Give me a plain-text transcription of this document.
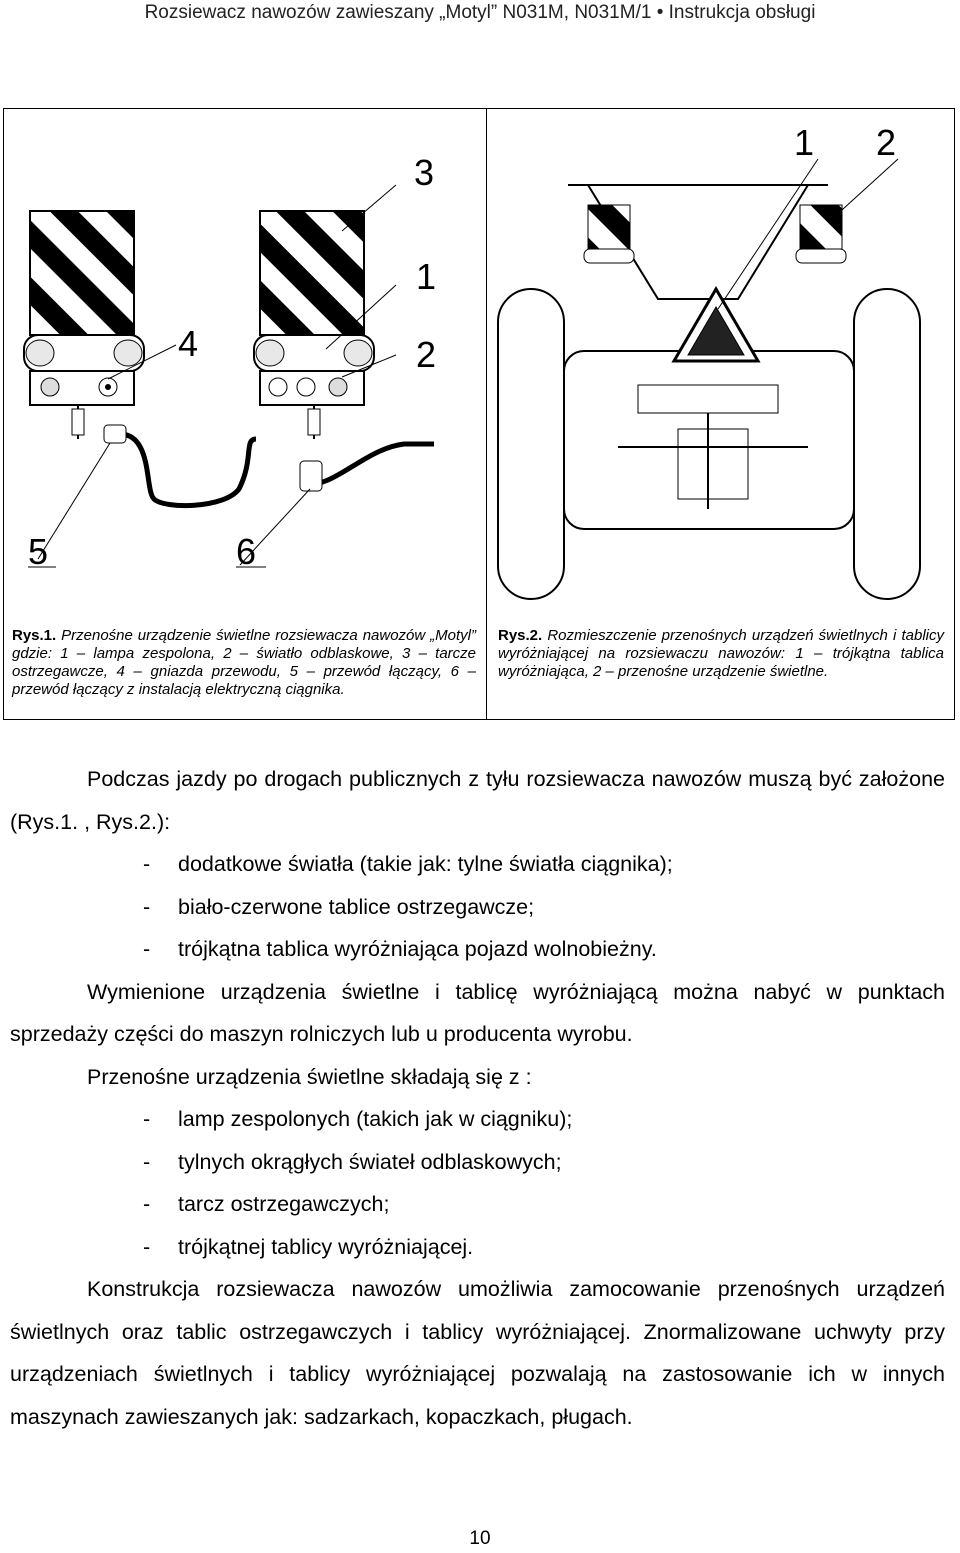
Rozsiewacz nawozów zawieszany „Motyl” N031M, N031M/1 • Instrukcja obsługi
3
1
4	2
5	6
1 2
Rys.1. Przenośne urządzenie świetlne rozsiewacza nawozów „Motyl” gdzie: 1 – lampa zespolona, 2 – światło odblaskowe, 3 – tarcze ostrzegawcze, 4 – gniazda przewodu, 5 – przewód łączący, 6 – przewód łączący z instalacją elektryczną ciągnika.
Rys.2. Rozmieszczenie przenośnych urządzeń świetlnych i tablicy wyróżniającej na rozsiewaczu nawozów: 1 – trójkątna tablica wyróżniająca, 2 – przenośne urządzenie świetlne.

Podczas jazdy po drogach publicznych z tyłu rozsiewacza nawozów muszą być założone (Rys.1. , Rys.2.):

- dodatkowe światła (takie jak: tylne światła ciągnika);

- biało-czerwone tablice ostrzegawcze;

- trójkątna tablica wyróżniająca pojazd wolnobieżny.

Wymienione urządzenia świetlne i tablicę wyróżniającą można nabyć w punktach sprzedaży części do maszyn rolniczych lub u producenta wyrobu.

Przenośne urządzenia świetlne składają się z :

- lamp zespolonych (takich jak w ciągniku);

- tylnych okrągłych świateł odblaskowych;

- tarcz ostrzegawczych;

- trójkątnej tablicy wyróżniającej.

Konstrukcja rozsiewacza nawozów umożliwia zamocowanie przenośnych urządzeń świetlnych oraz tablic ostrzegawczych i tablicy wyróżniającej. Znormalizowane uchwyty przy urządzeniach świetlnych i tablicy wyróżniającej pozwalają na zastosowanie ich w innych maszynach zawieszanych jak: sadzarkach, kopaczkach, pługach.

10
